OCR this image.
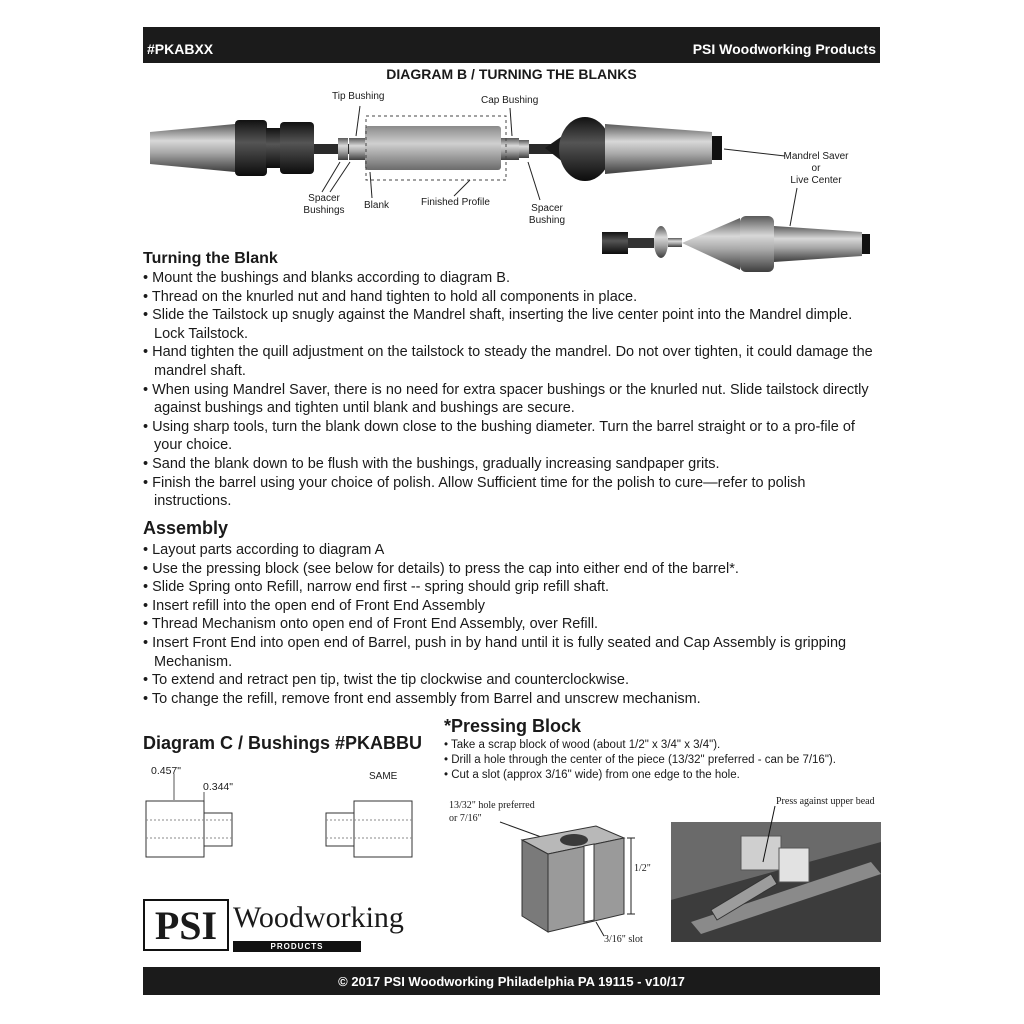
#PKABXX	PSI Woodworking Products
DIAGRAM B / TURNING THE BLANKS
Tip Bushing	Cap Bushing
Mandrel Saver
or
Live Center
Spacer
Bushings	Blank	Finished Profile
Spacer
Bushing
Turning the Blank
• Mount the bushings and blanks according to diagram B.
• Thread on the knurled nut and hand tighten to hold all components in place.
• Slide the Tailstock up snugly against the Mandrel shaft, inserting the live center point into the Mandrel dimple. Lock Tailstock.
• Hand tighten the quill adjustment on the tailstock to steady the mandrel. Do not over tighten, it could damage the mandrel shaft.
• When using Mandrel Saver, there is no need for extra spacer bushings or the knurled nut. Slide tailstock directly against bushings and tighten until blank and bushings are secure.
• Using sharp tools, turn the blank down close to the bushing diameter. Turn the barrel straight or to a pro-file of your choice.
• Sand the blank down to be flush with the bushings, gradually increasing sandpaper grits.
• Finish the barrel using your choice of polish. Allow Sufficient time for the polish to cure—refer to polish instructions.
Assembly
• Layout parts according to diagram A
• Use the pressing block (see below for details) to press the cap into either end of the barrel*.
• Slide Spring onto Refill, narrow end first -- spring should grip refill shaft.
• Insert refill into the open end of Front End Assembly
• Thread Mechanism onto open end of Front End Assembly, over Refill.
• Insert Front End into open end of Barrel, push in by hand until it is fully seated and Cap Assembly is gripping Mechanism.
• To extend and retract pen tip, twist the tip clockwise and counterclockwise.
• To change the refill, remove front end assembly from Barrel and unscrew mechanism.
Diagram C / Bushings #PKABBU
0.457"
0.344"
SAME
*Pressing Block
• Take a scrap block of wood (about 1/2" x 3/4" x 3/4").
• Drill a hole through the center of the piece (13/32" preferred - can be 7/16").
• Cut a slot (approx 3/16" wide) from one edge to the hole.
13/32" hole preferred
or 7/16"
1/2"
3/16" slot
Press against upper bead
PSI Woodworking
PRODUCTS
© 2017 PSI Woodworking Philadelphia PA 19115 - v10/17
